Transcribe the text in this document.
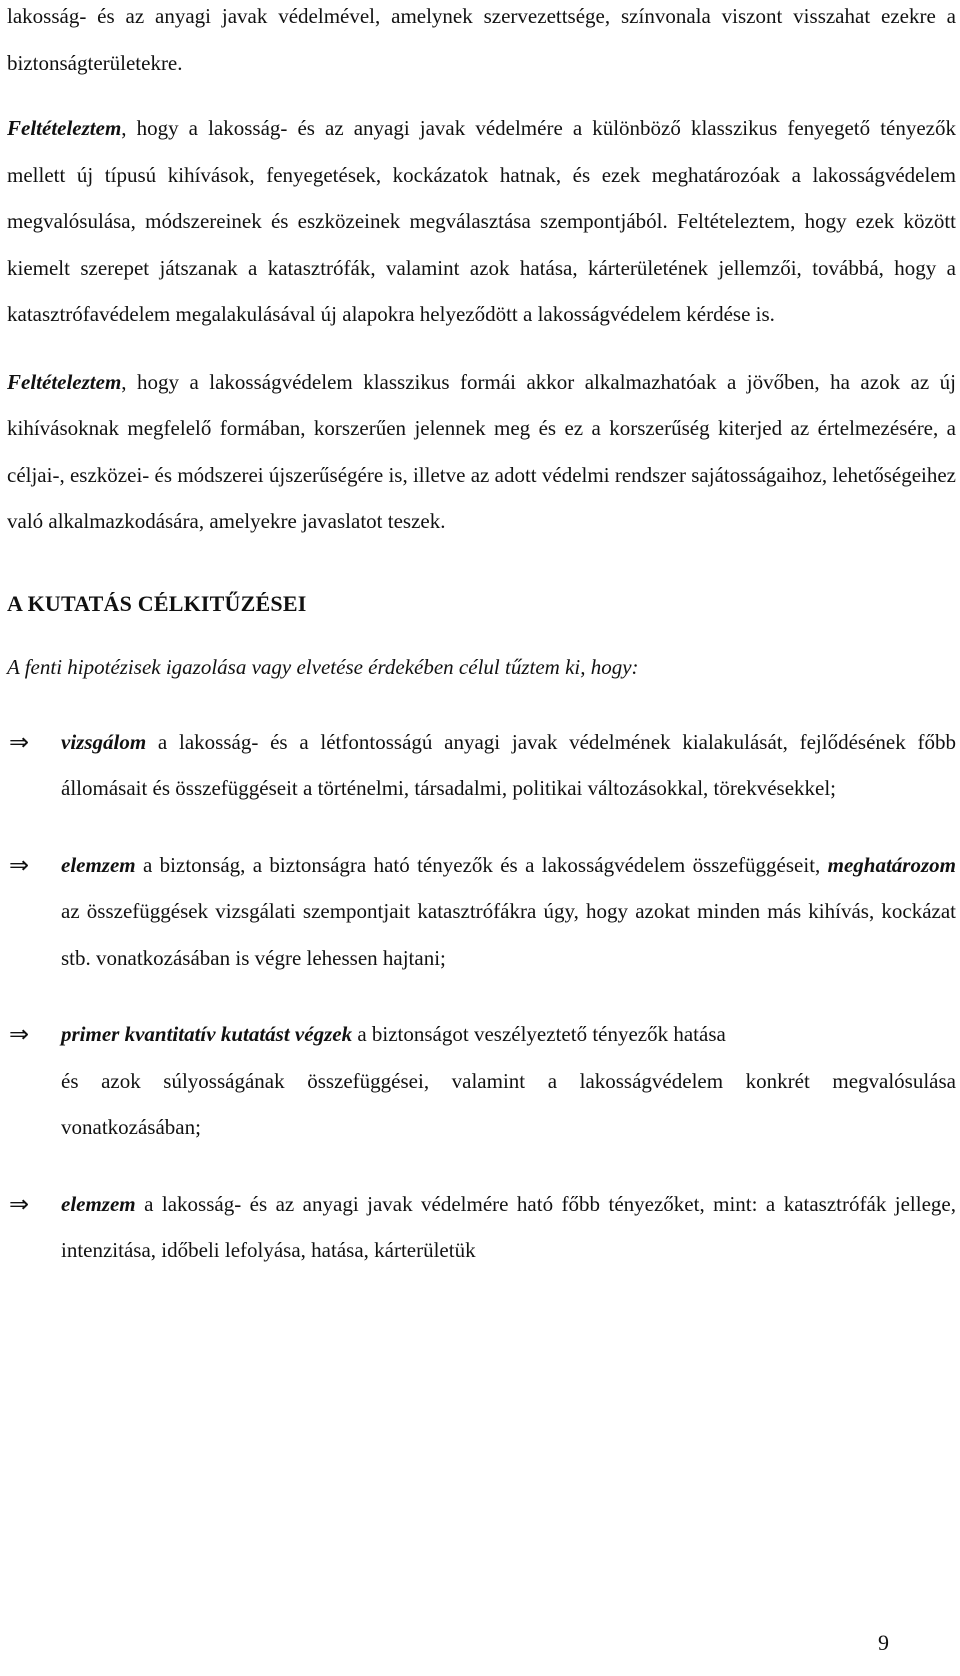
lakosság- és az anyagi javak védelmével, amelynek szervezettsége, színvonala viszont visszahat ezekre a biztonságterületekre.

Feltételeztem, hogy a lakosság- és az anyagi javak védelmére a különböző klasszikus fenyegető tényezők mellett új típusú kihívások, fenyegetések, kockázatok hatnak, és ezek meghatározóak a lakosságvédelem megvalósulása, módszereinek és eszközeinek megválasztása szempontjából. Feltételeztem, hogy ezek között kiemelt szerepet játszanak a katasztrófák, valamint azok hatása, kárterületének jellemzői, továbbá, hogy a katasztrófavédelem megalakulásával új alapokra helyeződött a lakosságvédelem kérdése is.

Feltételeztem, hogy a lakosságvédelem klasszikus formái akkor alkalmazhatóak a jövőben, ha azok az új kihívásoknak megfelelő formában, korszerűen jelennek meg és ez a korszerűség kiterjed az értelmezésére, a céljai-, eszközei- és módszerei újszerűségére is, illetve az adott védelmi rendszer sajátosságaihoz, lehetőségeihez való alkalmazkodására, amelyekre javaslatot teszek.

A KUTATÁS CÉLKITŰZÉSEI

A fenti hipotézisek igazolása vagy elvetése érdekében célul tűztem ki, hogy:

⇒ vizsgálom a lakosság- és a létfontosságú anyagi javak védelmének kialakulását, fejlődésének főbb állomásait és összefüggéseit a történelmi, társadalmi, politikai változásokkal, törekvésekkel;

⇒ elemzem a biztonság, a biztonságra ható tényezők és a lakosságvédelem összefüggéseit, meghatározom az összefüggések vizsgálati szempontjait katasztrófákra úgy, hogy azokat minden más kihívás, kockázat stb. vonatkozásában is végre lehessen hajtani;

⇒ primer kvantitatív kutatást végzek a biztonságot veszélyeztető tényezők hatása
és azok súlyosságának összefüggései, valamint a lakosságvédelem konkrét megvalósulása vonatkozásában;

⇒ elemzem a lakosság- és az anyagi javak védelmére ható főbb tényezőket, mint: a katasztrófák jellege, intenzitása, időbeli lefolyása, hatása, kárterületük

9
